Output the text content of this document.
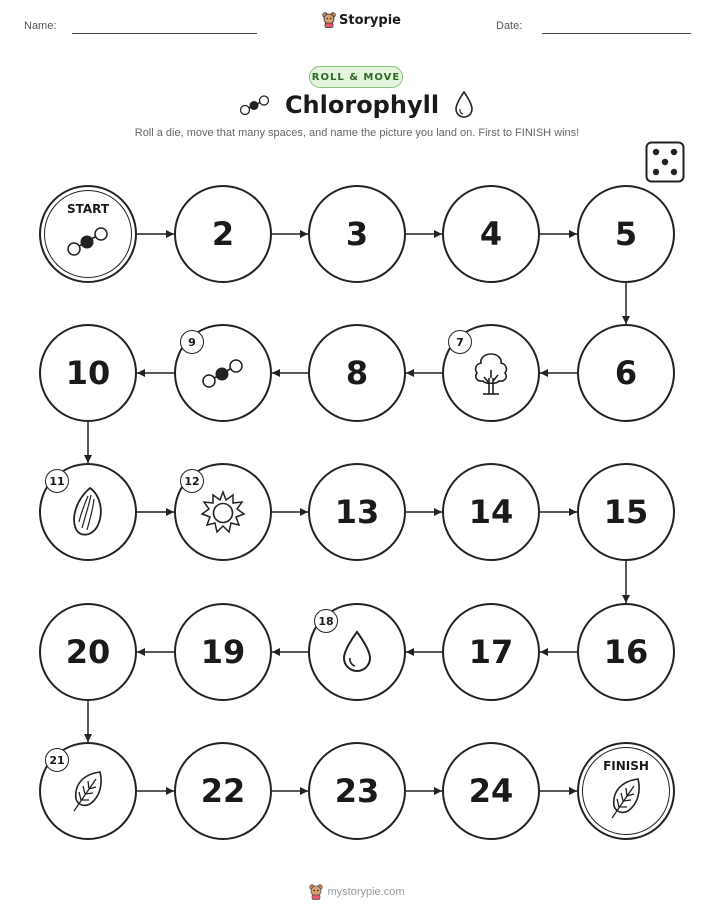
Name:	Storypie	Date:
ROLL & MOVE
Chlorophyll
Roll a die, move that many spaces, and name the picture you land on. First to FINISH wins!
FINISH
24
23
22
20	19	17	16
15
14
13
10	8	6
5
4
3
2
START
7
9
11	12
18
21
mystorypie.com
